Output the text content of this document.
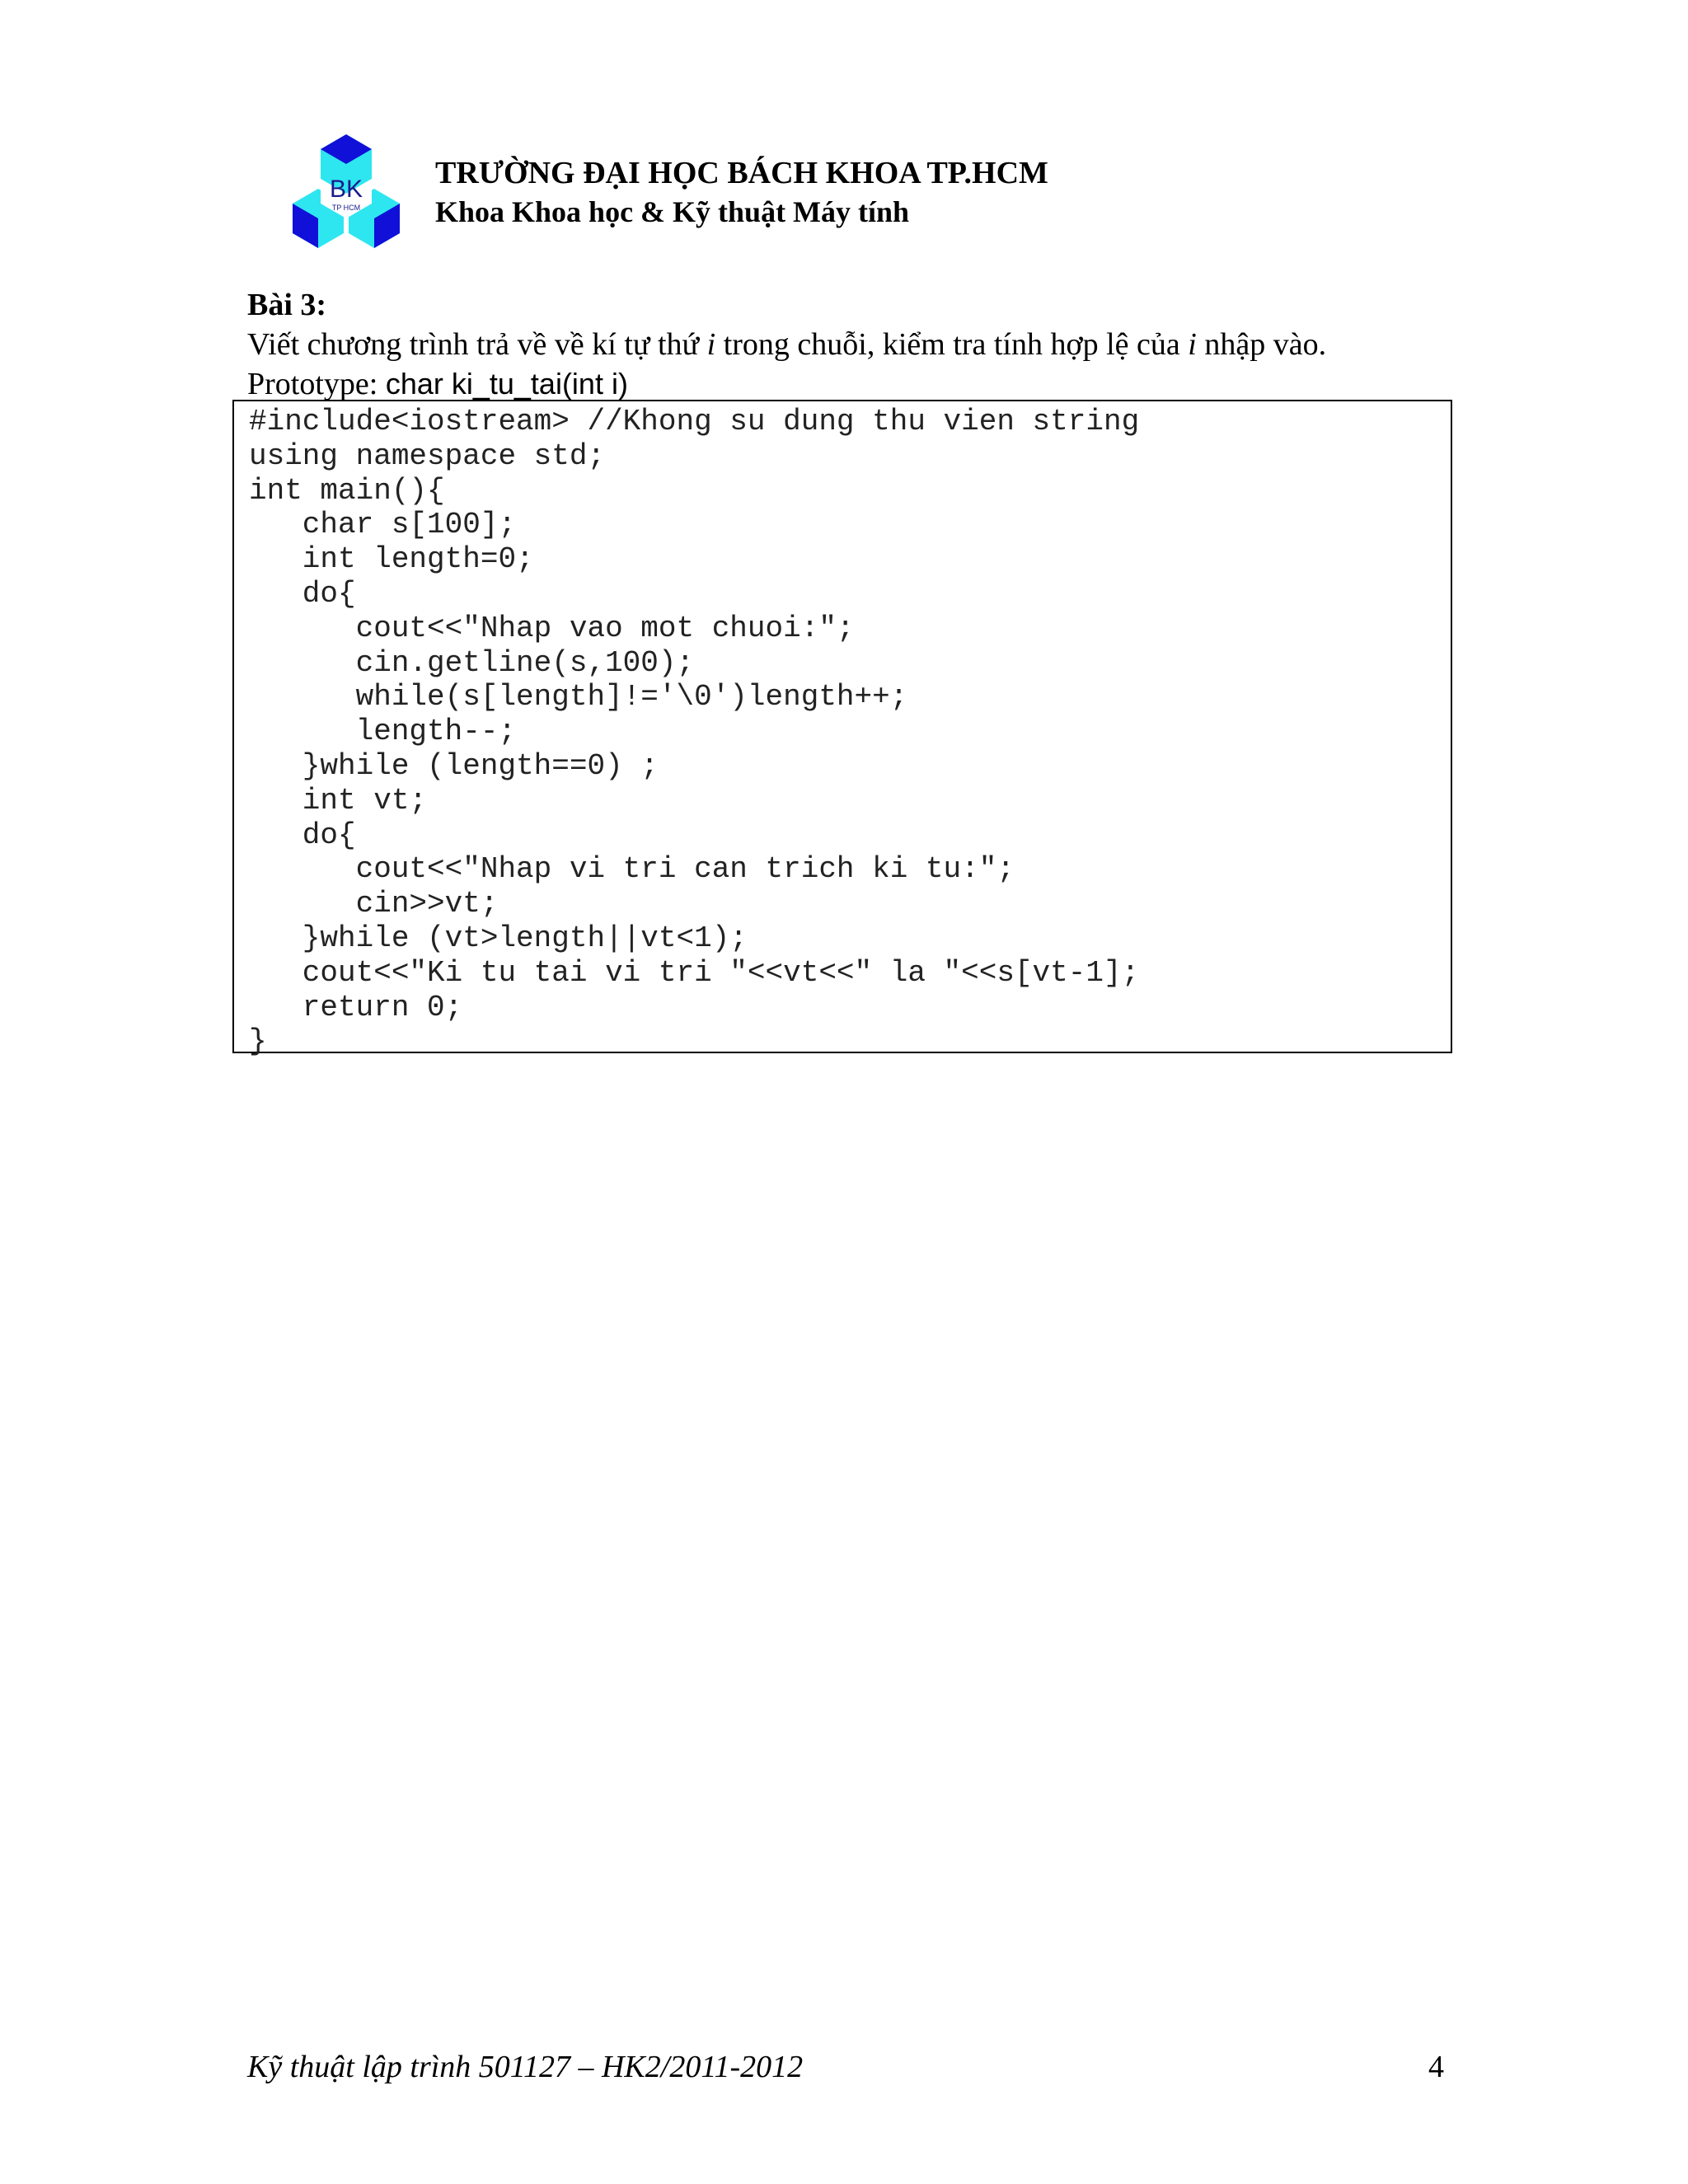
BK
TP HCM
TRƯỜNG ĐẠI HỌC BÁCH KHOA TP.HCM
Khoa Khoa học & Kỹ thuật Máy tính
Bài 3:
Viết chương trình trả về về kí tự thứ i trong chuỗi, kiểm tra tính hợp lệ của i nhập vào.
Prototype: char ki_tu_tai(int i)
#include<iostream> //Khong su dung thu vien string
using namespace std;
int main(){
char s[100];
int length=0;
do{
cout<<"Nhap vao mot chuoi:";
cin.getline(s,100);
while(s[length]!='\0')length++;
length--;
}while (length==0) ;
int vt;
do{
cout<<"Nhap vi tri can trich ki tu:";
cin>>vt;
}while (vt>length||vt<1);
cout<<"Ki tu tai vi tri "<<vt<<" la "<<s[vt-1];
return 0;
}
Kỹ thuật lập trình 501127 – HK2/2011-2012	4
